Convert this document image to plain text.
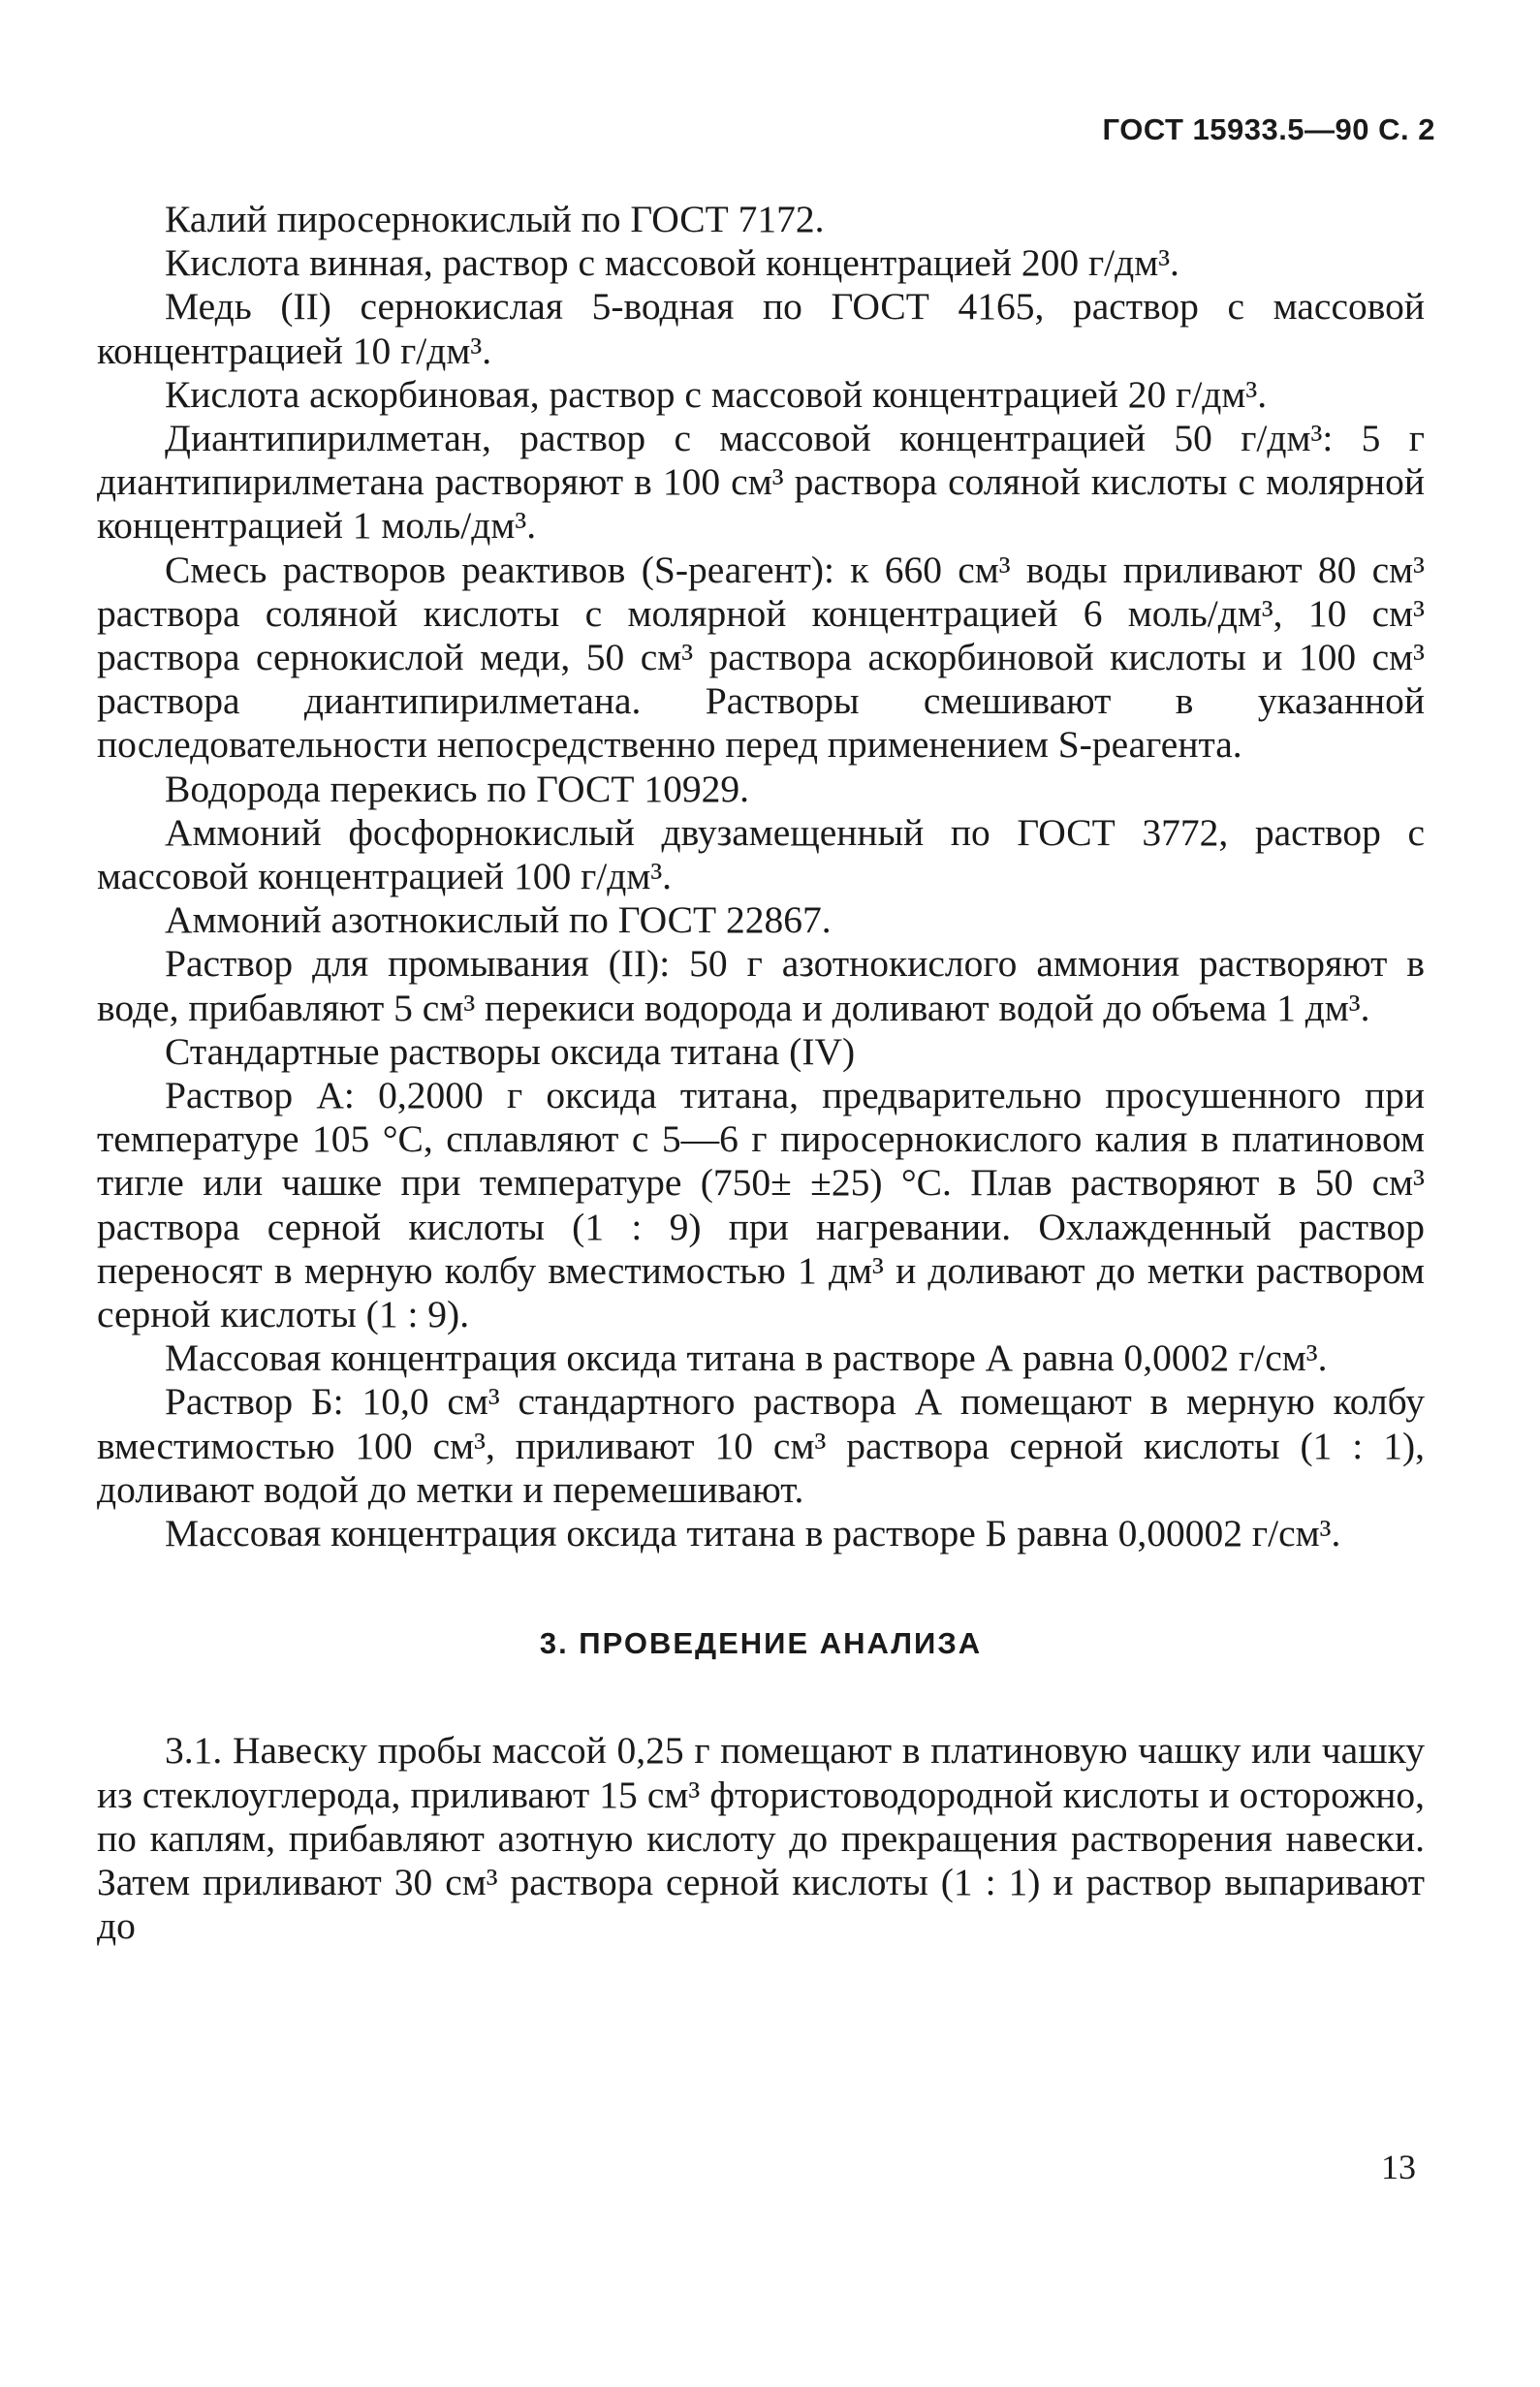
ГОСТ 15933.5—90 С. 2

Калий пиросернокислый по ГОСТ 7172.

Кислота винная, раствор с массовой концентрацией 200 г/дм³.

Медь (II) сернокислая 5-водная по ГОСТ 4165, раствор с массовой концентрацией 10 г/дм³.

Кислота аскорбиновая, раствор с массовой концентрацией 20 г/дм³.

Диантипирилметан, раствор с массовой концентрацией 50 г/дм³: 5 г диантипирилметана растворяют в 100 см³ раствора соляной кислоты с молярной концентрацией 1 моль/дм³.

Смесь растворов реактивов (S-реагент): к 660 см³ воды приливают 80 см³ раствора соляной кислоты с молярной концентрацией 6 моль/дм³, 10 см³ раствора сернокислой меди, 50 см³ раствора аскорбиновой кислоты и 100 см³ раствора диантипирилметана. Растворы смешивают в указанной последовательности непосредственно перед применением S-реагента.

Водорода перекись по ГОСТ 10929.

Аммоний фосфорнокислый двузамещенный по ГОСТ 3772, раствор с массовой концентрацией 100 г/дм³.

Аммоний азотнокислый по ГОСТ 22867.

Раствор для промывания (II): 50 г азотнокислого аммония растворяют в воде, прибавляют 5 см³ перекиси водорода и доливают водой до объема 1 дм³.

Стандартные растворы оксида титана (IV)

Раствор А: 0,2000 г оксида титана, предварительно просушенного при температуре 105 °С, сплавляют с 5—6 г пиросернокислого калия в платиновом тигле или чашке при температуре (750± ±25) °С. Плав растворяют в 50 см³ раствора серной кислоты (1 : 9) при нагревании. Охлажденный раствор переносят в мерную колбу вместимостью 1 дм³ и доливают до метки раствором серной кислоты (1 : 9).

Массовая концентрация оксида титана в растворе А равна 0,0002 г/см³.

Раствор Б: 10,0 см³ стандартного раствора А помещают в мерную колбу вместимостью 100 см³, приливают 10 см³ раствора серной кислоты (1 : 1), доливают водой до метки и перемешивают.

Массовая концентрация оксида титана в растворе Б равна 0,00002 г/см³.

3. ПРОВЕДЕНИЕ АНАЛИЗА

3.1. Навеску пробы массой 0,25 г помещают в платиновую чашку или чашку из стеклоуглерода, приливают 15 см³ фтористоводородной кислоты и осторожно, по каплям, прибавляют азотную кислоту до прекращения растворения навески. Затем приливают 30 см³ раствора серной кислоты (1 : 1) и раствор выпаривают до

13
